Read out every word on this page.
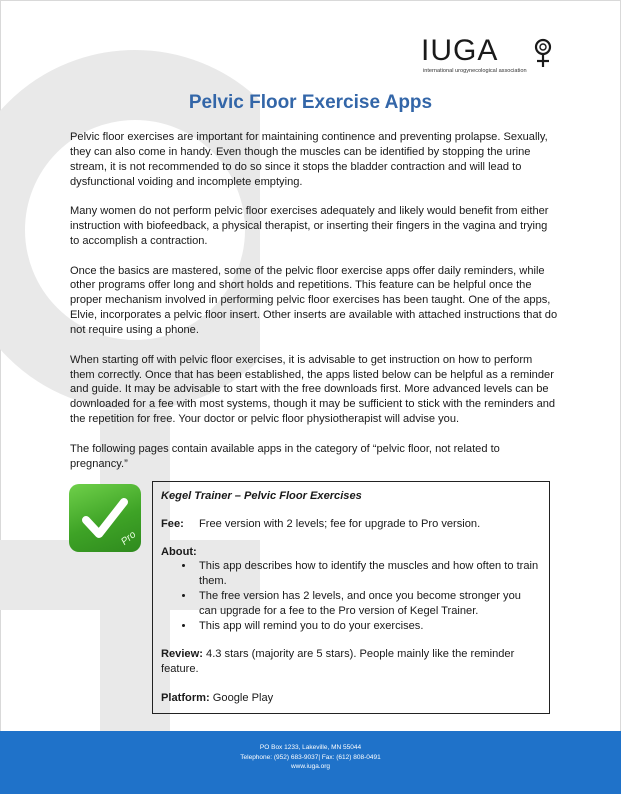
IUGA
international urogynecological association
Pelvic Floor Exercise Apps

Pelvic floor exercises are important for maintaining continence and preventing prolapse. Sexually, they can also come in handy. Even though the muscles can be identified by stopping the urine stream, it is not recommended to do so since it stops the bladder contraction and will lead to dysfunctional voiding and incomplete emptying.

Many women do not perform pelvic floor exercises adequately and likely would benefit from either instruction with biofeedback, a physical therapist, or inserting their fingers in the vagina and trying to accomplish a contraction.

Once the basics are mastered, some of the pelvic floor exercise apps offer daily reminders, while other programs offer long and short holds and repetitions. This feature can be helpful once the proper mechanism involved in performing pelvic floor exercises has been taught. One of the apps, Elvie, incorporates a pelvic floor insert. Other inserts are available with attached instructions that do not require using a phone.

When starting off with pelvic floor exercises, it is advisable to get instruction on how to perform them correctly. Once that has been established, the apps listed below can be helpful as a reminder and guide. It may be advisable to start with the free downloads first. More advanced levels can be downloaded for a fee with most systems, though it may be sufficient to stick with the reminders and the repetition for free. Your doctor or pelvic floor physiotherapist will advise you.

The following pages contain available apps in the category of “pelvic floor, not related to pregnancy.”

Pro
Kegel Trainer – Pelvic Floor Exercises
Fee: Free version with 2 levels; fee for upgrade to Pro version.
About:
• This app describes how to identify the muscles and how often to train them.
• The free version has 2 levels, and once you become stronger you can upgrade for a fee to the Pro version of Kegel Trainer.
• This app will remind you to do your exercises.
Review: 4.3 stars (majority are 5 stars). People mainly like the reminder feature.
Platform: Google Play
PO Box 1233, Lakeville, MN 55044
Telephone: (952) 683-9037| Fax: (612) 808-0491
www.iuga.org
